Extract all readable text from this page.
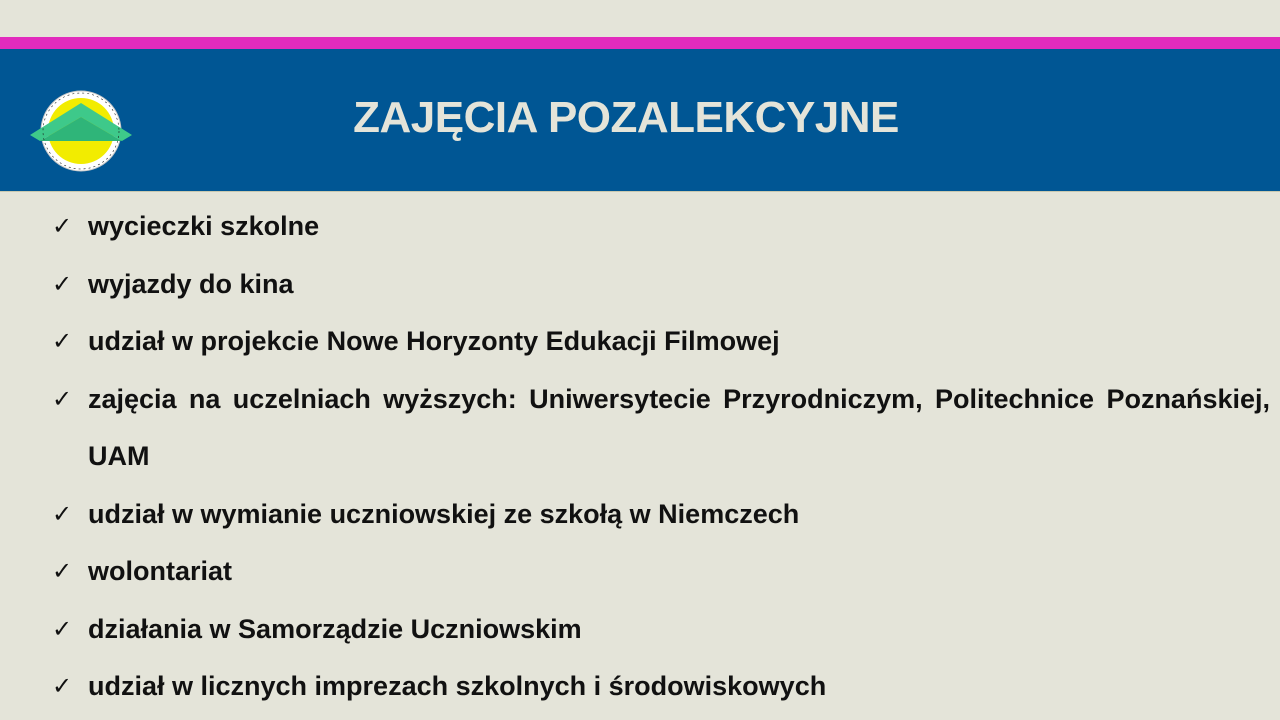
ZAJĘCIA POZALEKCYJNE
✓ wycieczki szkolne
✓ wyjazdy do kina
✓ udział w projekcie Nowe Horyzonty Edukacji Filmowej
✓ zajęcia na uczelniach wyższych: Uniwersytecie Przyrodniczym, Politechnice Poznańskiej, UAM
✓ udział w wymianie uczniowskiej ze szkołą w Niemczech
✓ wolontariat
✓ działania w Samorządzie Uczniowskim
✓ udział w licznych imprezach szkolnych i środowiskowych
